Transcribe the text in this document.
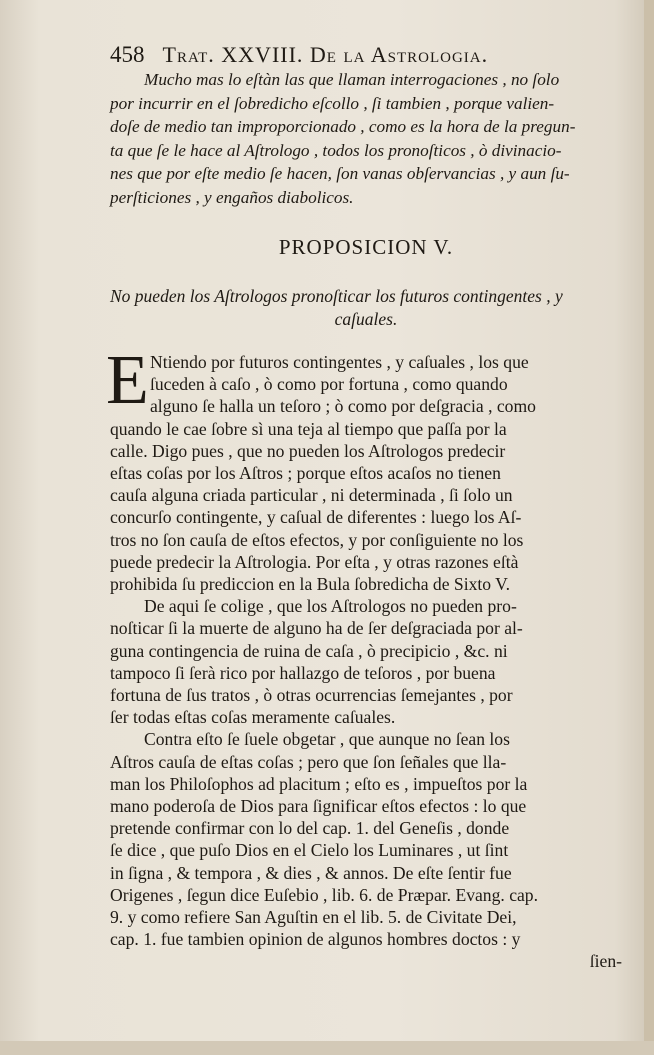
458 Trat. XXVIII. De la Astrologia.

Mucho mas lo eſtàn las que llaman interrogaciones , no ſolo
por incurrir en el ſobredicho eſcollo , ſi tambien , porque valien-
doſe de medio tan improporcionado , como es la hora de la pregun-
ta que ſe le hace al Aſtrologo , todos los pronoſticos , ò divinacio-
nes que por eſte medio ſe hacen, ſon vanas obſervancias , y aun ſu-
perſticiones , y engaños diabolicos.

PROPOSICION V.

No pueden los Aſtrologos pronoſticar los futuros contingentes , y
caſuales.

E Ntiendo por futuros contingentes , y caſuales , los que
ſuceden à caſo , ò como por fortuna , como quando
alguno ſe halla un teſoro ; ò como por deſgracia , como
quando le cae ſobre sì una teja al tiempo que paſſa por la
calle. Digo pues , que no pueden los Aſtrologos predecir
eſtas coſas por los Aſtros ; porque eſtos acaſos no tienen
cauſa alguna criada particular , ni determinada , ſi ſolo un
concurſo contingente, y caſual de diferentes : luego los Aſ-
tros no ſon cauſa de eſtos efectos, y por conſiguiente no los
puede predecir la Aſtrologia. Por eſta , y otras razones eſtà
prohibida ſu prediccion en la Bula ſobredicha de Sixto V.
De aqui ſe colige , que los Aſtrologos no pueden pro-
noſticar ſi la muerte de alguno ha de ſer deſgraciada por al-
guna contingencia de ruina de caſa , ò precipicio , &c. ni
tampoco ſi ſerà rico por hallazgo de teſoros , por buena
fortuna de ſus tratos , ò otras ocurrencias ſemejantes , por
ſer todas eſtas coſas meramente caſuales.
Contra eſto ſe ſuele obgetar , que aunque no ſean los
Aſtros cauſa de eſtas coſas ; pero que ſon ſeñales que lla-
man los Philoſophos ad placitum ; eſto es , impueſtos por la
mano poderoſa de Dios para ſignificar eſtos efectos : lo que
pretende confirmar con lo del cap. 1. del Geneſis , donde
ſe dice , que puſo Dios en el Cielo los Luminares , ut ſint
in ſigna , & tempora , & dies , & annos. De eſte ſentir fue
Origenes , ſegun dice Euſebio , lib. 6. de Præpar. Evang. cap.
9. y como refiere San Aguſtin en el lib. 5. de Civitate Dei,
cap. 1. fue tambien opinion de algunos hombres doctos : y
ſien-
